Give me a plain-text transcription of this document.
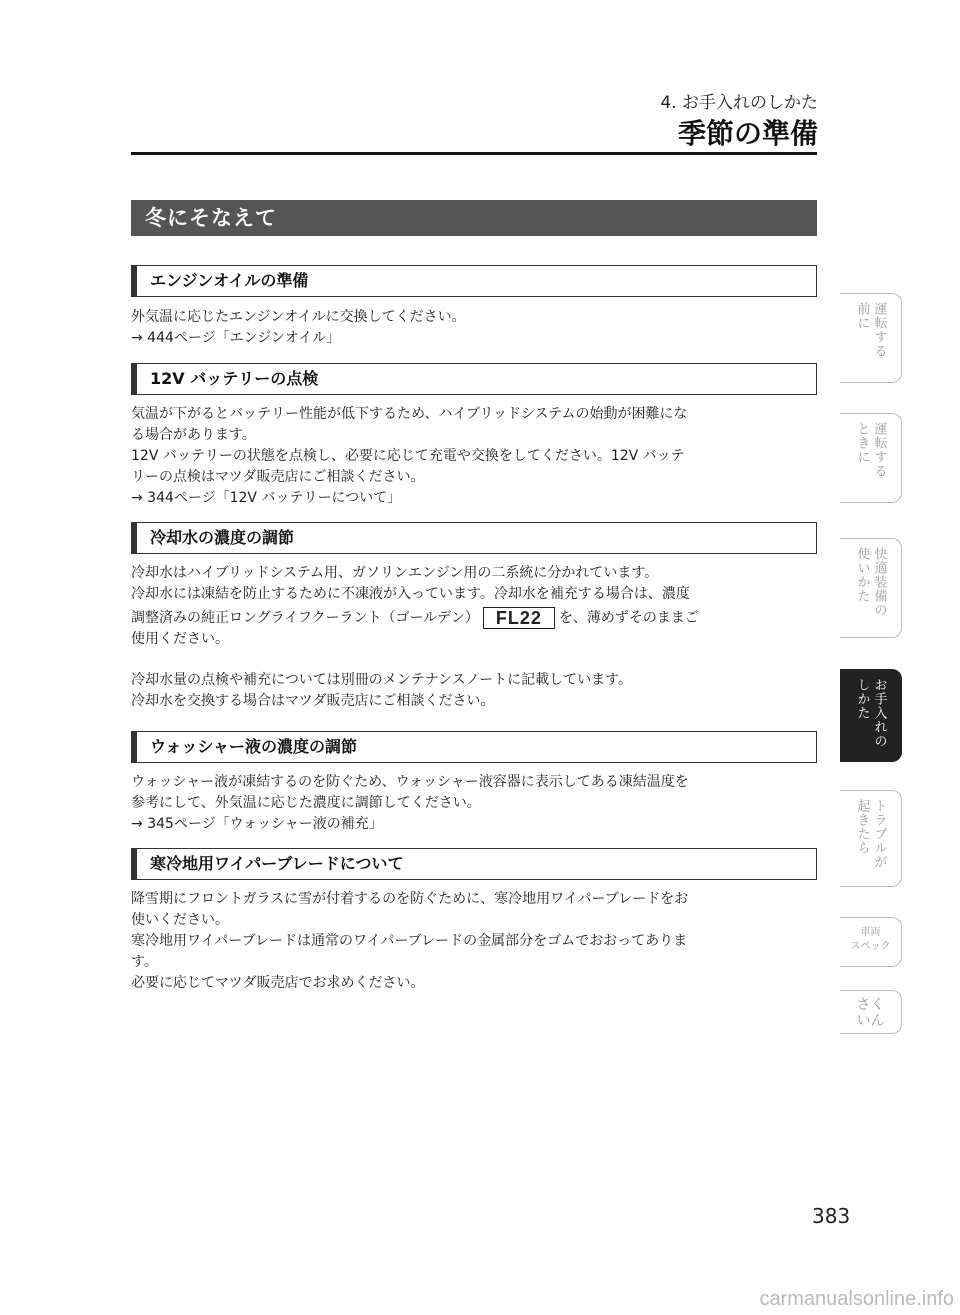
4. お手入れのしかた
季節の準備
冬にそなえて
エンジンオイルの準備
外気温に応じたエンジンオイルに交換してください。
→ 444ページ「エンジンオイル」
12V バッテリーの点検
気温が下がるとバッテリー性能が低下するため、ハイブリッドシステムの始動が困難にな
る場合があります。
12V バッテリーの状態を点検し、必要に応じて充電や交換をしてください。12V バッテ
リーの点検はマツダ販売店にご相談ください。
→ 344ページ「12V バッテリーについて」
冷却水の濃度の調節
冷却水はハイブリッドシステム用、ガソリンエンジン用の二系統に分かれています。
冷却水には凍結を防止するために不凍液が入っています。冷却水を補充する場合は、濃度
調整済みの純正ロングライフクーラント（ゴールデン） FL22 を、薄めずそのままご
使用ください。
冷却水量の点検や補充については別冊のメンテナンスノートに記載しています。
冷却水を交換する場合はマツダ販売店にご相談ください。
ウォッシャー液の濃度の調節
ウォッシャー液が凍結するのを防ぐため、ウォッシャー液容器に表示してある凍結温度を
参考にして、外気温に応じた濃度に調節してください。
→ 345ページ「ウォッシャー液の補充」
寒冷地用ワイパーブレードについて
降雪期にフロントガラスに雪が付着するのを防ぐために、寒冷地用ワイパーブレードをお
使いください。
寒冷地用ワイパーブレードは通常のワイパーブレードの金属部分をゴムでおおってありま
す。
必要に応じてマツダ販売店でお求めください。
運転する
前に
運転する
ときに
快適装備の
使いかた
お手入れの
しかた
トラブルが
起きたら
車両
スペック
さく
いん
383
carmanualsonline.info
